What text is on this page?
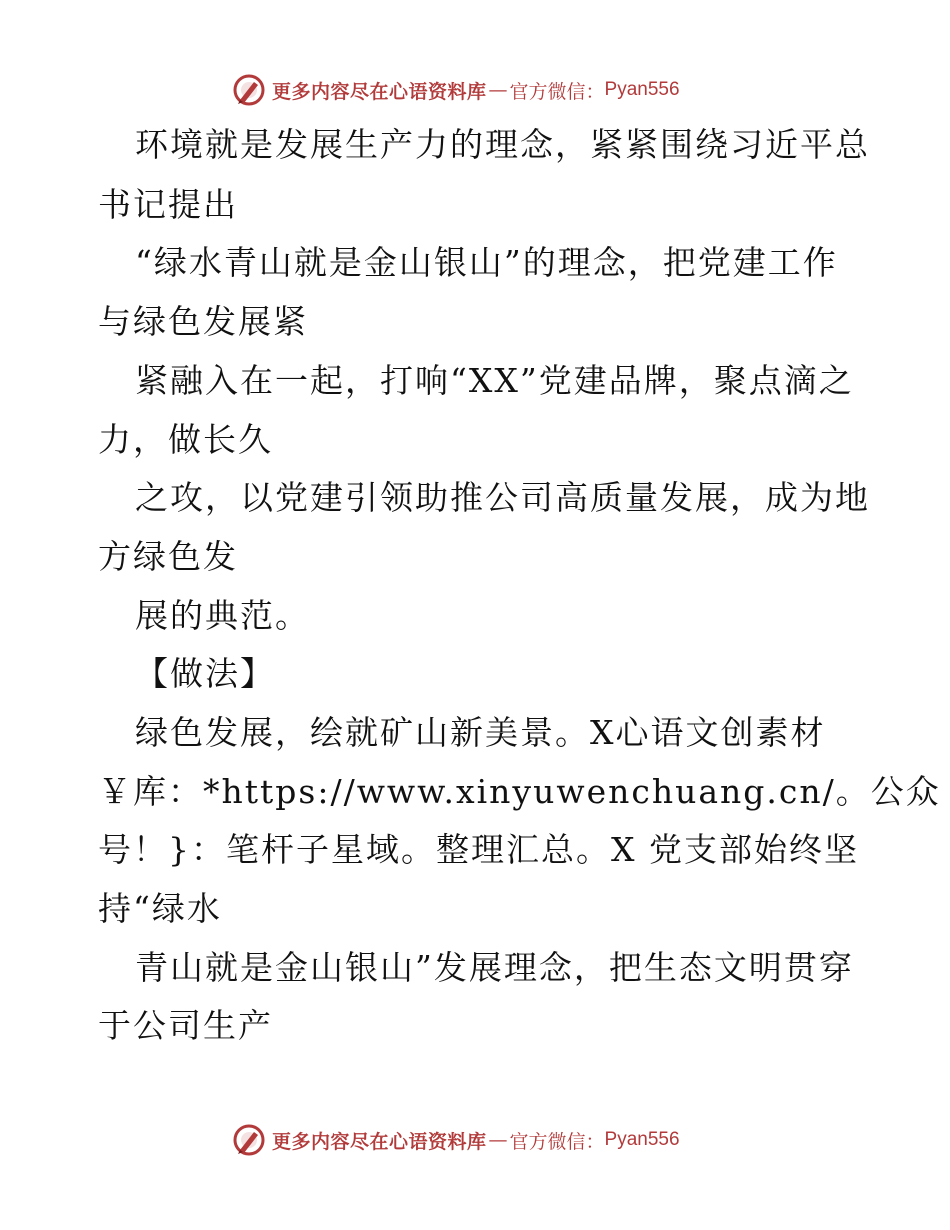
更多内容尽在心语资料库 — 官方微信： Pyan556
环境就是发展生产力的理念，紧紧围绕习近平总
书记提出
“绿水青山就是金山银山”的理念，把党建工作
与绿色发展紧
紧融入在一起，打响“XX”党建品牌，聚点滴之
力，做长久
之攻，以党建引领助推公司高质量发展，成为地
方绿色发
展的典范。
【做法】
绿色发展，绘就矿山新美景。X心语文创素材
￥库：*https://www.xinyuwenchuang.cn/。公众
号！}：笔杆子星域。整理汇总。X 党支部始终坚
持“绿水
青山就是金山银山”发展理念，把生态文明贯穿
于公司生产
更多内容尽在心语资料库 — 官方微信： Pyan556
